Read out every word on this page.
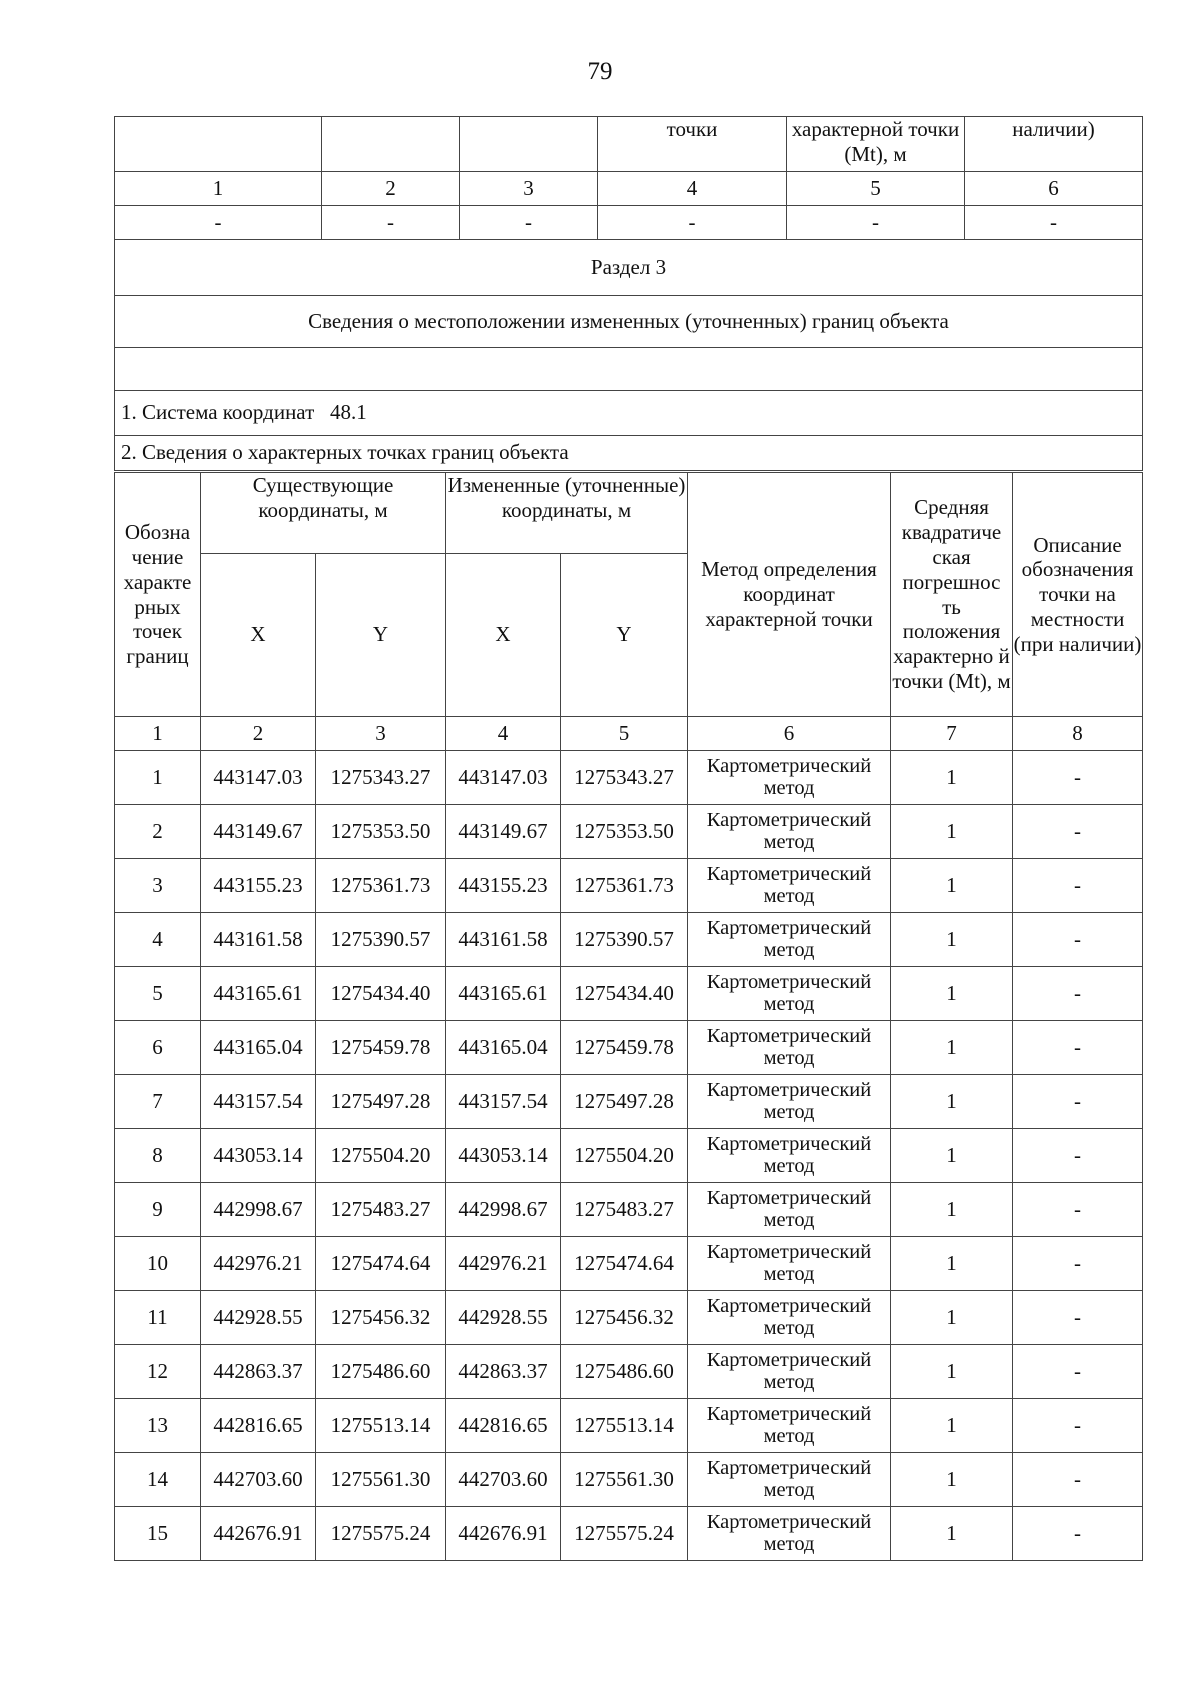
79
			точки	характерной точки (Mt), м	наличии)
1	2	3	4	5	6
-	-	-	-	-	-
Раздел 3					
Сведения о местоположении измененных (уточненных) границ объекта					

1. Система координат   48.1					
2. Сведения о характерных точках границ объекта					
Обозна чение характе рных точек границ	Существующие координаты, м		Измененные (уточненные) координаты, м		Метод определения координат характерной точки	Средняя квадратиче ская погрешнос ть положения характерно й точки (Mt), м	Описание обозначения точки на местности (при наличии)
	X	Y	X	Y			
1	2	3	4	5	6	7	8
1	443147.03	1275343.27	443147.03	1275343.27	Картометрический метод	1	-
2	443149.67	1275353.50	443149.67	1275353.50	Картометрический метод	1	-
3	443155.23	1275361.73	443155.23	1275361.73	Картометрический метод	1	-
4	443161.58	1275390.57	443161.58	1275390.57	Картометрический метод	1	-
5	443165.61	1275434.40	443165.61	1275434.40	Картометрический метод	1	-
6	443165.04	1275459.78	443165.04	1275459.78	Картометрический метод	1	-
7	443157.54	1275497.28	443157.54	1275497.28	Картометрический метод	1	-
8	443053.14	1275504.20	443053.14	1275504.20	Картометрический метод	1	-
9	442998.67	1275483.27	442998.67	1275483.27	Картометрический метод	1	-
10	442976.21	1275474.64	442976.21	1275474.64	Картометрический метод	1	-
11	442928.55	1275456.32	442928.55	1275456.32	Картометрический метод	1	-
12	442863.37	1275486.60	442863.37	1275486.60	Картометрический метод	1	-
13	442816.65	1275513.14	442816.65	1275513.14	Картометрический метод	1	-
14	442703.60	1275561.30	442703.60	1275561.30	Картометрический метод	1	-
15	442676.91	1275575.24	442676.91	1275575.24	Картометрический метод	1	-
